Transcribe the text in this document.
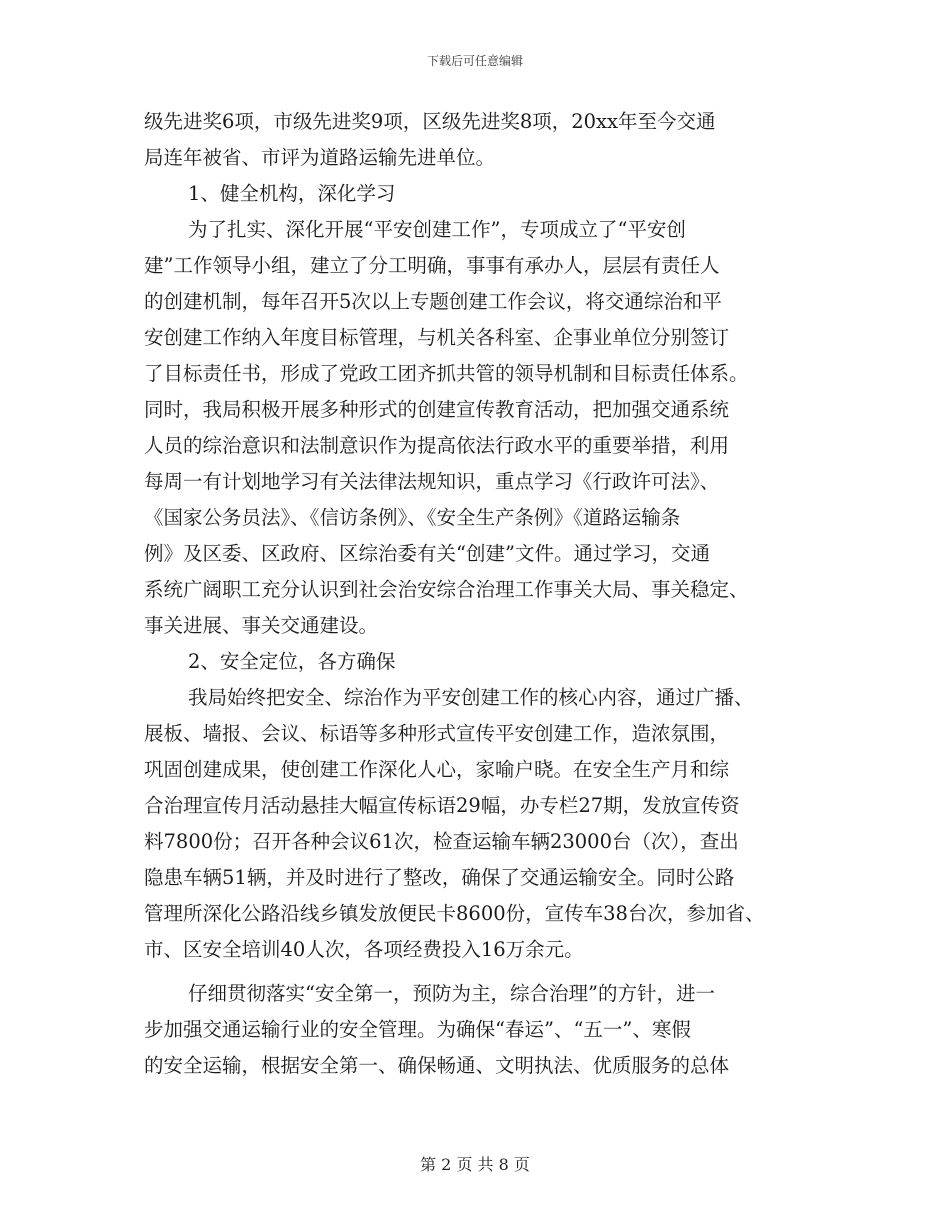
下载后可任意编辑
级先进奖6项，市级先进奖9项，区级先进奖8项，20xx年至今交通
局连年被省、市评为道路运输先进单位。
1、健全机构，深化学习
为了扎实、深化开展“平安创建工作”，专项成立了“平安创
建”工作领导小组，建立了分工明确，事事有承办人，层层有责任人
的创建机制，每年召开5次以上专题创建工作会议，将交通综治和平
安创建工作纳入年度目标管理，与机关各科室、企事业单位分别签订
了目标责任书，形成了党政工团齐抓共管的领导机制和目标责任体系。
同时，我局积极开展多种形式的创建宣传教育活动，把加强交通系统
人员的综治意识和法制意识作为提高依法行政水平的重要举措，利用
每周一有计划地学习有关法律法规知识，重点学习《行政许可法》、
《国家公务员法》、《信访条例》、《安全生产条例》《道路运输条
例》及区委、区政府、区综治委有关“创建”文件。通过学习，交通
系统广阔职工充分认识到社会治安综合治理工作事关大局、事关稳定、
事关进展、事关交通建设。
2、安全定位，各方确保
我局始终把安全、综治作为平安创建工作的核心内容，通过广播、
展板、墙报、会议、标语等多种形式宣传平安创建工作，造浓氛围，
巩固创建成果，使创建工作深化人心，家喻户晓。在安全生产月和综
合治理宣传月活动悬挂大幅宣传标语29幅，办专栏27期，发放宣传资
料7800份；召开各种会议61次，检查运输车辆23000台（次），查出
隐患车辆51辆，并及时进行了整改，确保了交通运输安全。同时公路
管理所深化公路沿线乡镇发放便民卡8600份，宣传车38台次，参加省、
市、区安全培训40人次，各项经费投入16万余元。
仔细贯彻落实“安全第一，预防为主，综合治理”的方针，进一
步加强交通运输行业的安全管理。为确保“春运”、“五一”、寒假
的安全运输，根据安全第一、确保畅通、文明执法、优质服务的总体
第 2 页 共 8 页
